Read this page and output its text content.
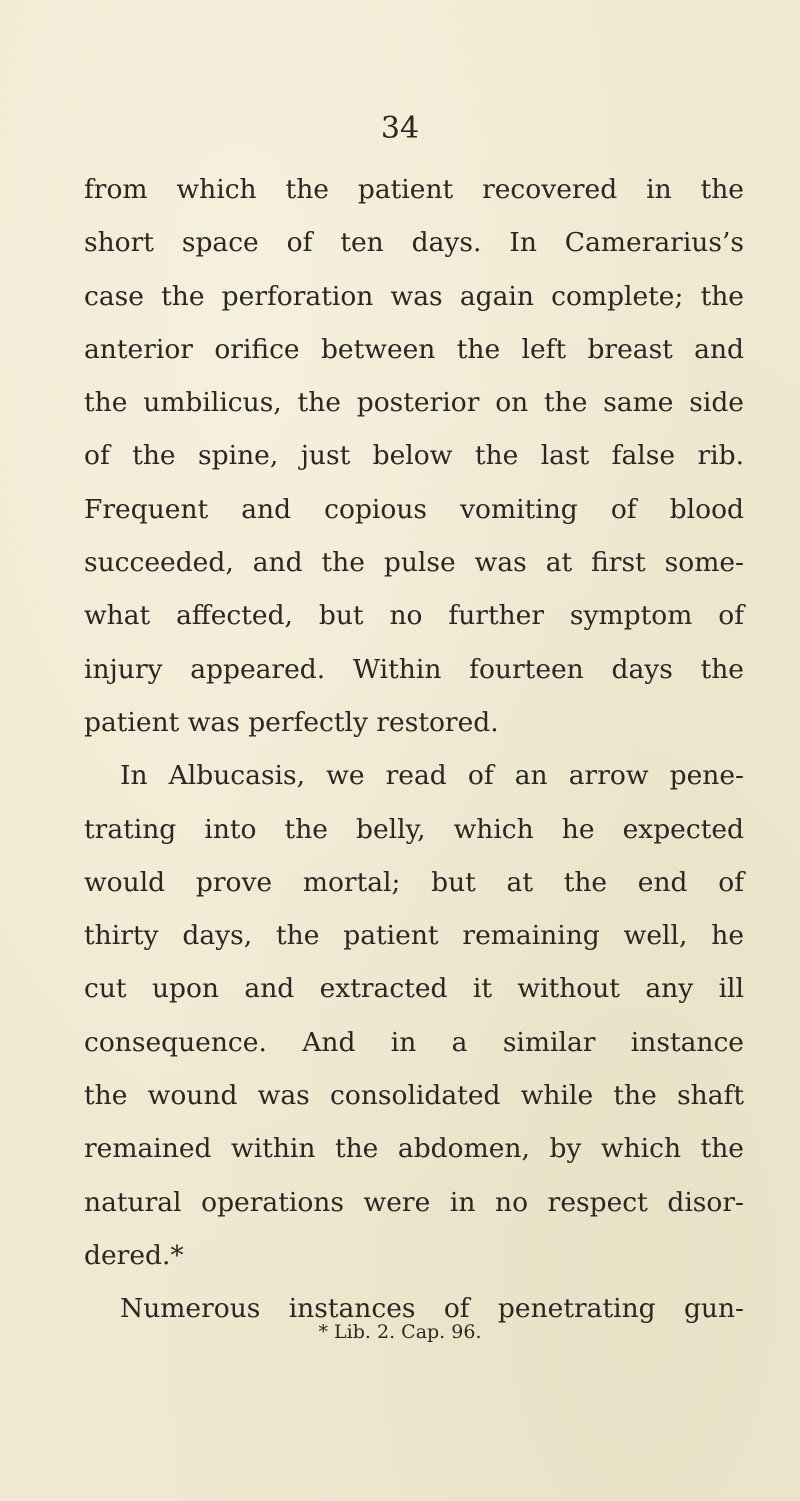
34
from which the patient recovered in the
short space of ten days. In Camerarius’s
case the perforation was again complete; the
anterior orifice between the left breast and
the umbilicus, the posterior on the same side
of the spine, just below the last false rib.
Frequent and copious vomiting of blood
succeeded, and the pulse was at first some-
what affected, but no further symptom of
injury appeared. Within fourteen days the
patient was perfectly restored.
In Albucasis, we read of an arrow pene-
trating into the belly, which he expected
would prove mortal; but at the end of
thirty days, the patient remaining well, he
cut upon and extracted it without any ill
consequence. And in a similar instance
the wound was consolidated while the shaft
remained within the abdomen, by which the
natural operations were in no respect disor-
dered.*
Numerous instances of penetrating gun-
* Lib. 2. Cap. 96.
